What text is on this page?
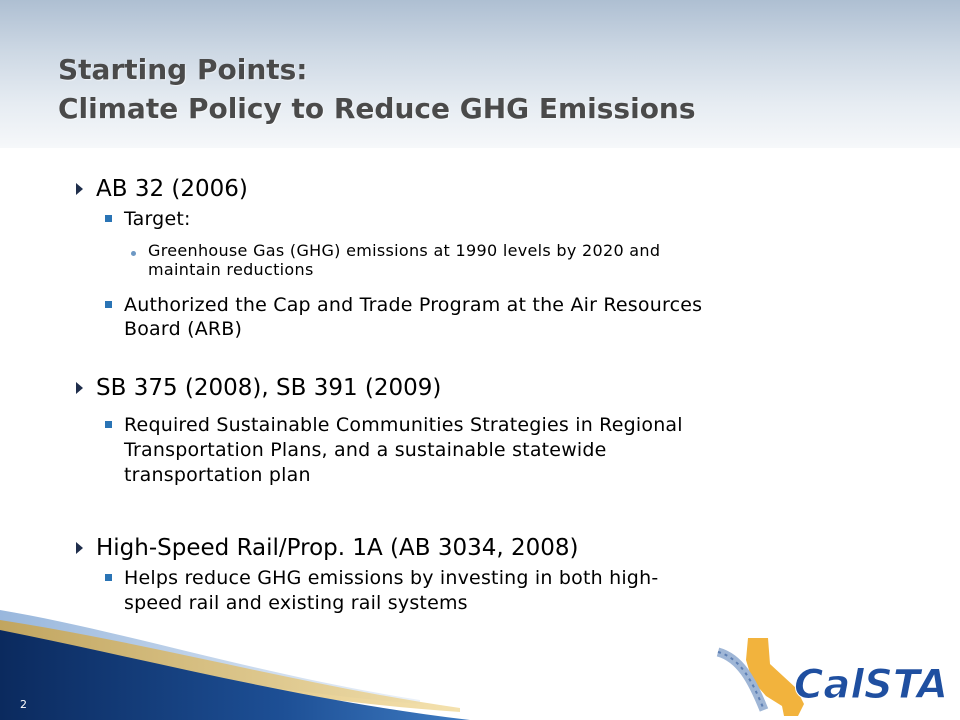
Starting Points:
Climate Policy to Reduce GHG Emissions
AB 32 (2006)
Target:
Greenhouse Gas (GHG) emissions at 1990 levels by 2020 and
maintain reductions
Authorized the Cap and Trade Program at the Air Resources
Board (ARB)
SB 375 (2008), SB 391 (2009)
Required Sustainable Communities Strategies in Regional
Transportation Plans, and a sustainable statewide
transportation plan
High-Speed Rail/Prop. 1A (AB 3034, 2008)
Helps reduce GHG emissions by investing in both high-
speed rail and existing rail systems
2	CalSTA
